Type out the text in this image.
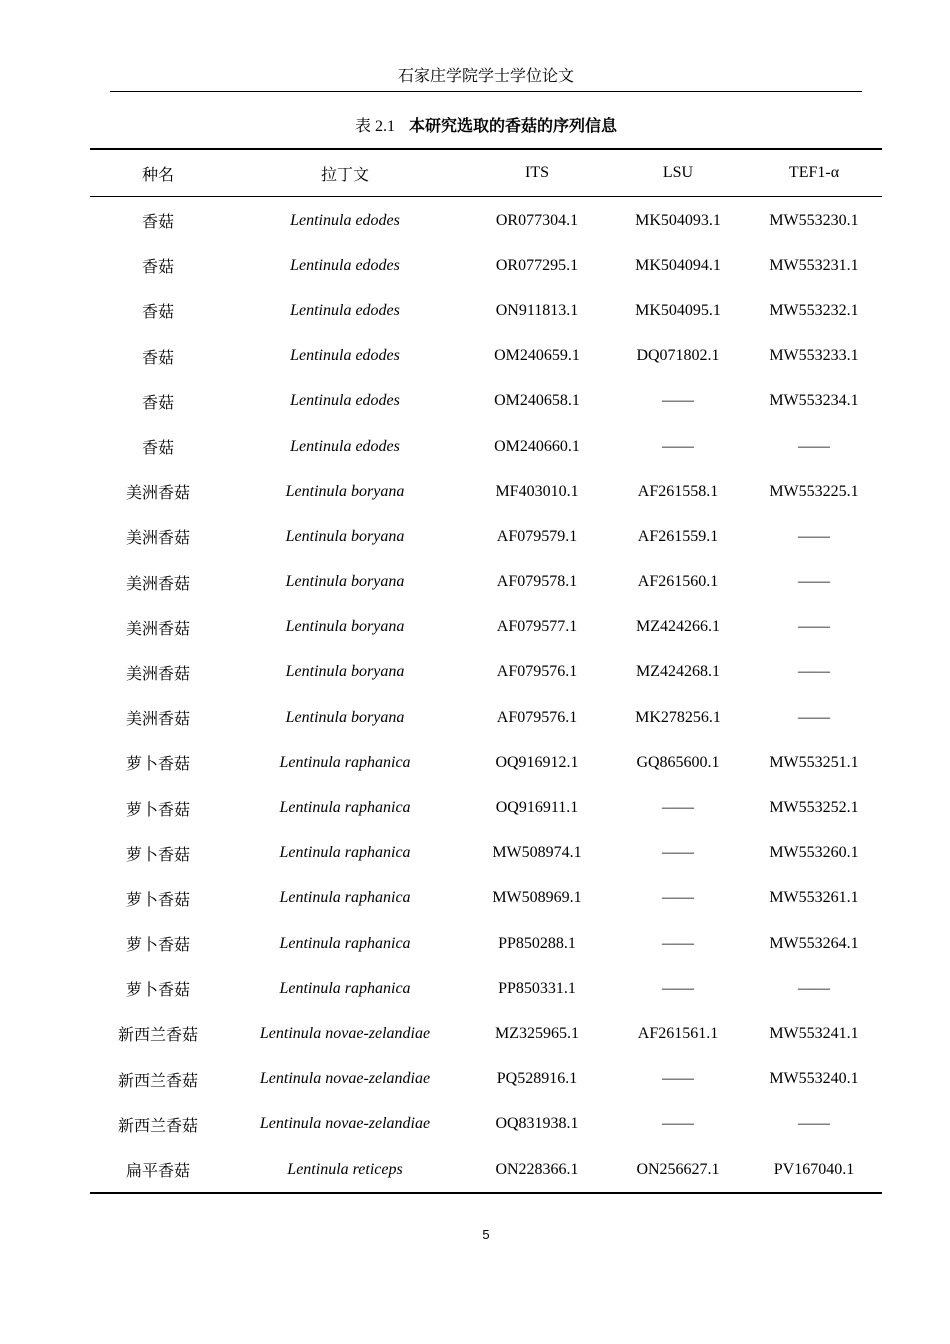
石家庄学院学士学位论文
表 2.1 本研究选取的香菇的序列信息
种名	拉丁文	ITS	LSU	TEF1-α
香菇	Lentinula edodes	OR077304.1	MK504093.1	MW553230.1
香菇	Lentinula edodes	OR077295.1	MK504094.1	MW553231.1
香菇	Lentinula edodes	ON911813.1	MK504095.1	MW553232.1
香菇	Lentinula edodes	OM240659.1	DQ071802.1	MW553233.1
香菇	Lentinula edodes	OM240658.1	——	MW553234.1
香菇	Lentinula edodes	OM240660.1	——	——
美洲香菇	Lentinula boryana	MF403010.1	AF261558.1	MW553225.1
美洲香菇	Lentinula boryana	AF079579.1	AF261559.1	——
美洲香菇	Lentinula boryana	AF079578.1	AF261560.1	——
美洲香菇	Lentinula boryana	AF079577.1	MZ424266.1	——
美洲香菇	Lentinula boryana	AF079576.1	MZ424268.1	——
美洲香菇	Lentinula boryana	AF079576.1	MK278256.1	——
萝卜香菇	Lentinula raphanica	OQ916912.1	GQ865600.1	MW553251.1
萝卜香菇	Lentinula raphanica	OQ916911.1	——	MW553252.1
萝卜香菇	Lentinula raphanica	MW508974.1	——	MW553260.1
萝卜香菇	Lentinula raphanica	MW508969.1	——	MW553261.1
萝卜香菇	Lentinula raphanica	PP850288.1	——	MW553264.1
萝卜香菇	Lentinula raphanica	PP850331.1	——	——
新西兰香菇	Lentinula novae-zelandiae	MZ325965.1	AF261561.1	MW553241.1
新西兰香菇	Lentinula novae-zelandiae	PQ528916.1	——	MW553240.1
新西兰香菇	Lentinula novae-zelandiae	OQ831938.1	——	——
扁平香菇	Lentinula reticeps	ON228366.1	ON256627.1	PV167040.1
5
